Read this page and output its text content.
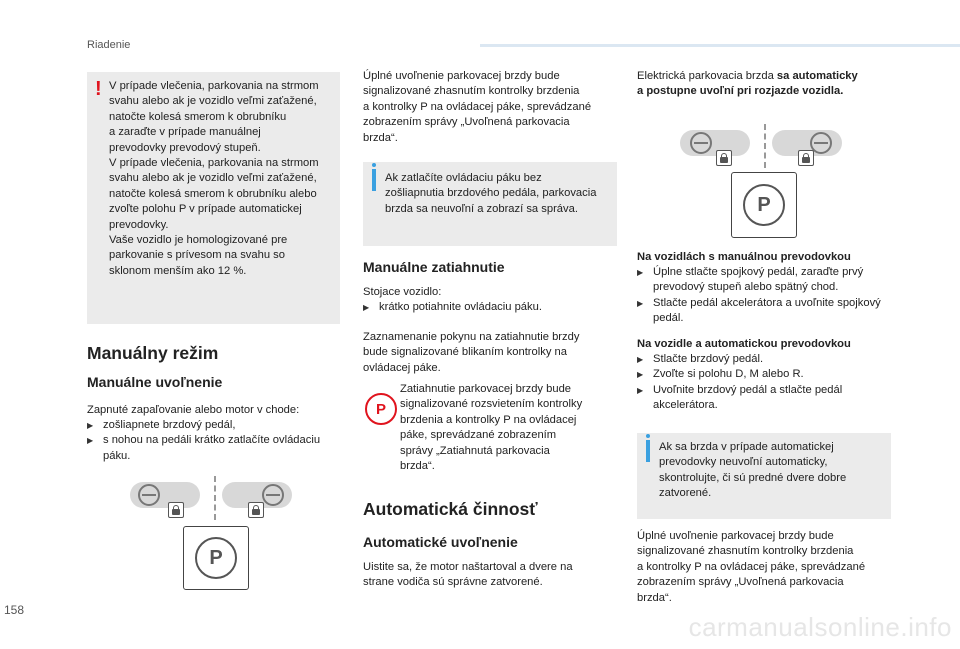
Riadenie
! V prípade vlečenia, parkovania na strmom

svahu alebo ak je vozidlo veľmi zaťažené,

natočte kolesá smerom k obrubníku

a zaraďte v prípade manuálnej

prevodovky prevodový stupeň.

V prípade vlečenia, parkovania na strmom

svahu alebo ak je vozidlo veľmi zaťažené,

natočte kolesá smerom k obrubníku alebo

zvoľte polohu P v prípade automatickej

prevodovky.

Vaše vozidlo je homologizované pre

parkovanie s prívesom na svahu so

sklonom menším ako 12 %.

Manuálny režim
Manuálne uvoľnenie

Zapnuté zapaľovanie alebo motor v chode:

▶ zošliapnete brzdový pedál,
▶ s nohou na pedáli krátko zatlačíte ovládaciu páku.
P

Úplné uvoľnenie parkovacej brzdy bude

signalizované zhasnutím kontrolky brzdenia

a kontrolky P na ovládacej páke, sprevádzané

zobrazením správy „Uvoľnená parkovacia

brzda“.

Ak zatlačíte ovládaciu páku bez

zošliapnutia brzdového pedála, parkovacia

brzda sa neuvoľní a zobrazí sa správa.

Manuálne zatiahnutie

Stojace vozidlo:

▶ krátko potiahnite ovládaciu páku.

Zaznamenanie pokynu na zatiahnutie brzdy

bude signalizované blikaním kontrolky na

ovládacej páke.

P

Zatiahnutie parkovacej brzdy bude

signalizované rozsvietením kontrolky

brzdenia a kontrolky P na ovládacej

páke, sprevádzané zobrazením

správy „Zatiahnutá parkovacia

brzda“.

Automatická činnosť
Automatické uvoľnenie

Uistite sa, že motor naštartoval a dvere na

strane vodiča sú správne zatvorené.

Elektrická parkovacia brzda sa automaticky
a postupne uvoľní pri rozjazde vozidla.

P

Na vozidlách s manuálnou prevodovkou

▶ Úplne stlačte spojkový pedál, zaraďte prvý prevodový stupeň alebo spätný chod.
▶ Stlačte pedál akcelerátora a uvoľnite spojkový pedál.

Na vozidle a automatickou prevodovkou

▶ Stlačte brzdový pedál.
▶ Zvoľte si polohu D, M alebo R.
▶ Uvoľnite brzdový pedál a stlačte pedál akcelerátora.

Ak sa brzda v prípade automatickej

prevodovky neuvoľní automaticky,

skontrolujte, či sú predné dvere dobre

zatvorené.

Úplné uvoľnenie parkovacej brzdy bude

signalizované zhasnutím kontrolky brzdenia

a kontrolky P na ovládacej páke, sprevádzané

zobrazením správy „Uvoľnená parkovacia

brzda“.

158
carmanualsonline.info
